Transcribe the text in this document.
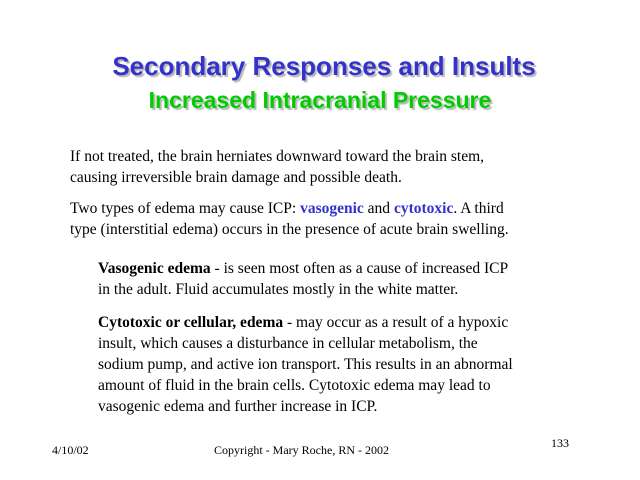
Secondary Responses and Insults
Increased Intracranial Pressure
If not treated, the brain herniates downward toward the brain stem,
causing irreversible brain damage and possible death.
Two types of edema may cause ICP: vasogenic and cytotoxic. A third
type (interstitial edema) occurs in the presence of acute brain swelling.
Vasogenic edema - is seen most often as a cause of increased ICP
in the adult. Fluid accumulates mostly in the white matter.
Cytotoxic or cellular, edema - may occur as a result of a hypoxic
insult, which causes a disturbance in cellular metabolism, the
sodium pump, and active ion transport. This results in an abnormal
amount of fluid in the brain cells. Cytotoxic edema may lead to
vasogenic edema and further increase in ICP.
4/10/02	Copyright - Mary Roche, RN - 2002	133
